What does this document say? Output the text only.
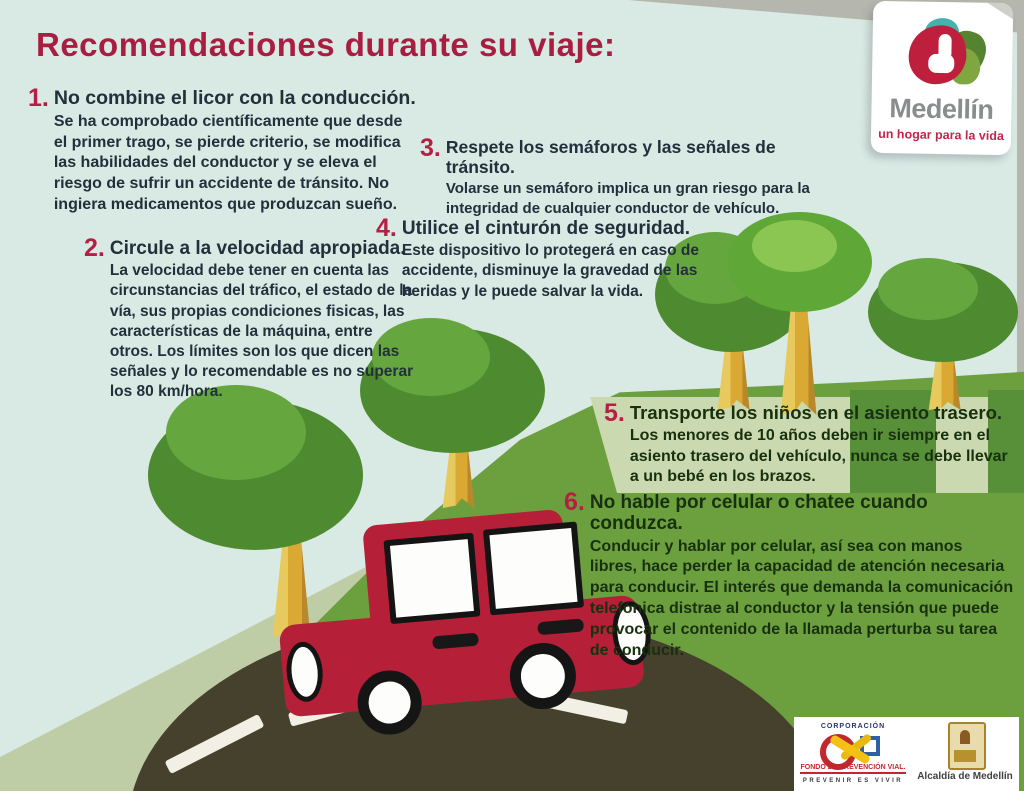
Recomendaciones durante su viaje:
1. No combine el licor con la conducción.
Se ha comprobado científicamente que desde el primer trago, se pierde criterio, se modifica las habilidades del conductor y se eleva el riesgo de sufrir un accidente de tránsito. No ingiera medicamentos que produzcan sueño.
2. Circule a la velocidad apropiada.
La velocidad debe tener en cuenta las circunstancias del tráfico, el estado de la vía, sus propias condiciones fisicas, las características de la máquina, entre otros. Los límites son los que dicen las señales y lo recomendable es no superar los 80 km/hora.
3. Respete los semáforos y las señales de tránsito.
Volarse un semáforo implica un gran riesgo para la integridad de cualquier conductor de vehículo.
4. Utilice el cinturón de seguridad.
Este dispositivo lo protegerá en caso de accidente, disminuye la gravedad de las heridas y le puede salvar la vida.
5. Transporte los niños en el asiento trasero.
Los menores de 10 años deben ir siempre en el asiento trasero del vehículo, nunca se debe llevar a un bebé en los brazos.
6. No hable por celular o chatee cuando conduzca.
Conducir y hablar por celular, así sea con manos libres, hace perder la capacidad de atención necesaria para conducir. El interés que demanda la comunicación telefónica distrae al conductor y la tensión que puede provocar el contenido de la llamada perturba su tarea de conducir.
Medellín
un hogar para la vida
CORPORACIÓN
FONDO DE PREVENCIÓN VIAL.
PREVENIR ES VIVIR	Alcaldía de Medellín
